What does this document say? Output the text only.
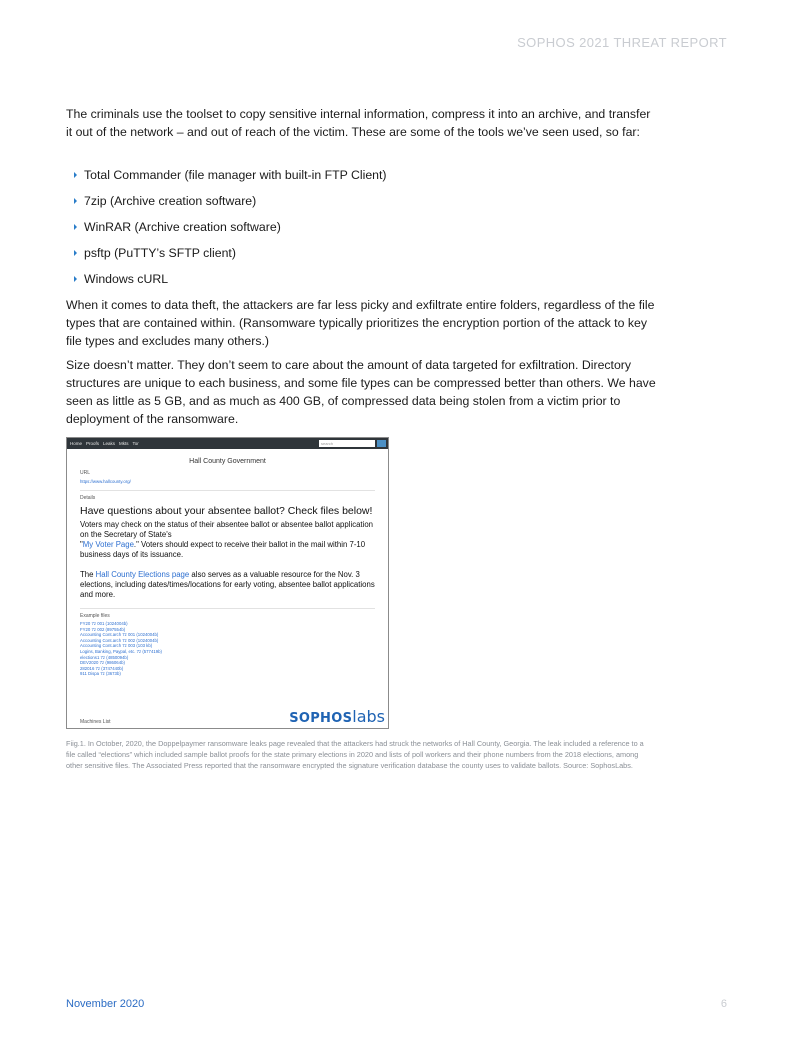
SOPHOS 2021 THREAT REPORT

The criminals use the toolset to copy sensitive internal information, compress it into an archive, and transfer it out of the network – and out of reach of the victim. These are some of the tools we’ve seen used, so far:

Total Commander (file manager with built-in FTP Client)
7zip (Archive creation software)
WinRAR (Archive creation software)
psftp (PuTTY’s SFTP client)
Windows cURL

When it comes to data theft, the attackers are far less picky and exfiltrate entire folders, regardless of the file types that are contained within. (Ransomware typically prioritizes the encryption portion of the attack to key file types and excludes many others.)

Size doesn’t matter. They don’t seem to care about the amount of data targeted for exfiltration. Directory structures are unique to each business, and some file types can be compressed better than others. We have seen as little as 5 GB, and as much as 400 GB, of compressed data being stolen from a victim prior to deployment of the ransomware.

Home Proofs Leaks Mkts Tor	search
Hall County Government
URL
https://www.hallcounty.org/
Details
Have questions about your absentee ballot? Check files below!
Voters may check on the status of their absentee ballot or absentee ballot application on the Secretary of State's
"My Voter Page." Voters should expect to receive their ballot in the mail within 7-10 business days of its issuance.
The Hall County Elections page also serves as a valuable resource for the Nov. 3 elections, including dates/times/locations for early voting, absentee ballot applications and more.
Example files
FY20 7z 001 (1024004b)
FY20 7z 002 (897554b)
Accounting Cont.arch 7z 001 (1024004b)
Accounting Cont.arch 7z 002 (1024004b)
Accounting Cont.arch 7z 003 (103 kb)
Logins, Banking, Paypal, etc. 7z (577419b)
elections1 7z (4850094b)
DEV2020 7z (986064b)
282016 7z (3747440b)
911 Dispa 7z (3673b)
Machines List	SOPHOSlabs
Fiig.1. In October, 2020, the Doppelpaymer ransomware leaks page revealed that the attackers had struck the networks of Hall County, Georgia. The leak included a reference to a file called “elections” which included sample ballot proofs for the state primary elections in 2020 and lists of poll workers and their phone numbers from the 2018 elections, among other sensitive files. The Associated Press reported that the ransomware encrypted the signature verification database the county uses to validate ballots. Source: SophosLabs.
November 2020	6
